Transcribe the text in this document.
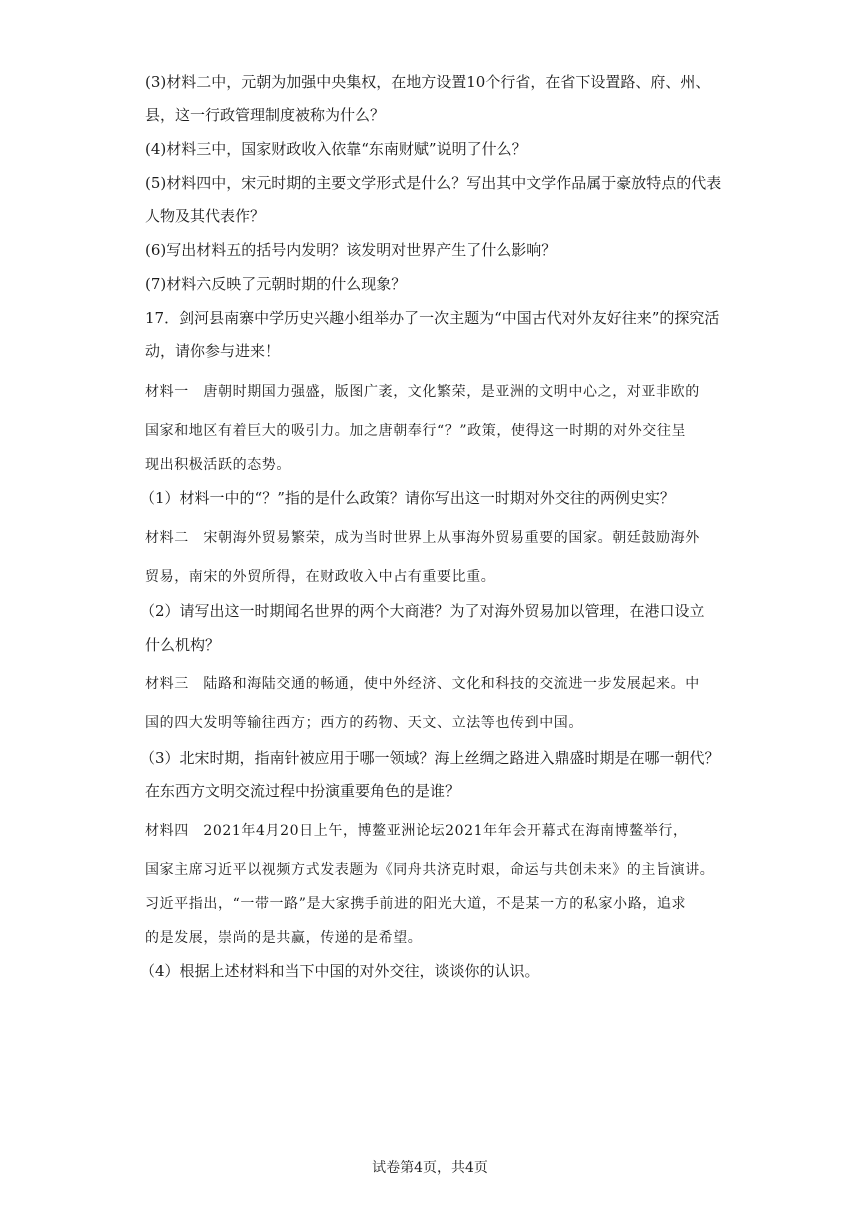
(3)材料二中，元朝为加强中央集权，在地方设置10个行省，在省下设置路、府、州、
县，这一行政管理制度被称为什么？
(4)材料三中，国家财政收入依靠“东南财赋”说明了什么？
(5)材料四中，宋元时期的主要文学形式是什么？写出其中文学作品属于豪放特点的代表
人物及其代表作？
(6)写出材料五的括号内发明？该发明对世界产生了什么影响？
(7)材料六反映了元朝时期的什么现象？
17．剑河县南寨中学历史兴趣小组举办了一次主题为“中国古代对外友好往来”的探究活
动，请你参与进来！
材料一　唐朝时期国力强盛，版图广袤，文化繁荣，是亚洲的文明中心之，对亚非欧的
国家和地区有着巨大的吸引力。加之唐朝奉行“？”政策，使得这一时期的对外交往呈
现出积极活跃的态势。
（1）材料一中的“？”指的是什么政策？请你写出这一时期对外交往的两例史实？
材料二　宋朝海外贸易繁荣，成为当时世界上从事海外贸易重要的国家。朝廷鼓励海外
贸易，南宋的外贸所得，在财政收入中占有重要比重。
（2）请写出这一时期闻名世界的两个大商港？为了对海外贸易加以管理，在港口设立
什么机构？
材料三　陆路和海陆交通的畅通，使中外经济、文化和科技的交流进一步发展起来。中
国的四大发明等输往西方；西方的药物、天文、立法等也传到中国。
（3）北宋时期，指南针被应用于哪一领域？海上丝绸之路进入鼎盛时期是在哪一朝代？
在东西方文明交流过程中扮演重要角色的是谁？
材料四　2021年4月20日上午，博鳌亚洲论坛2021年年会开幕式在海南博鳌举行，
国家主席习近平以视频方式发表题为《同舟共济克时艰，命运与共创未来》的主旨演讲。
习近平指出，“一带一路”是大家携手前进的阳光大道，不是某一方的私家小路，追求
的是发展，崇尚的是共赢，传递的是希望。
（4）根据上述材料和当下中国的对外交往，谈谈你的认识。
试卷第4页，共4页
